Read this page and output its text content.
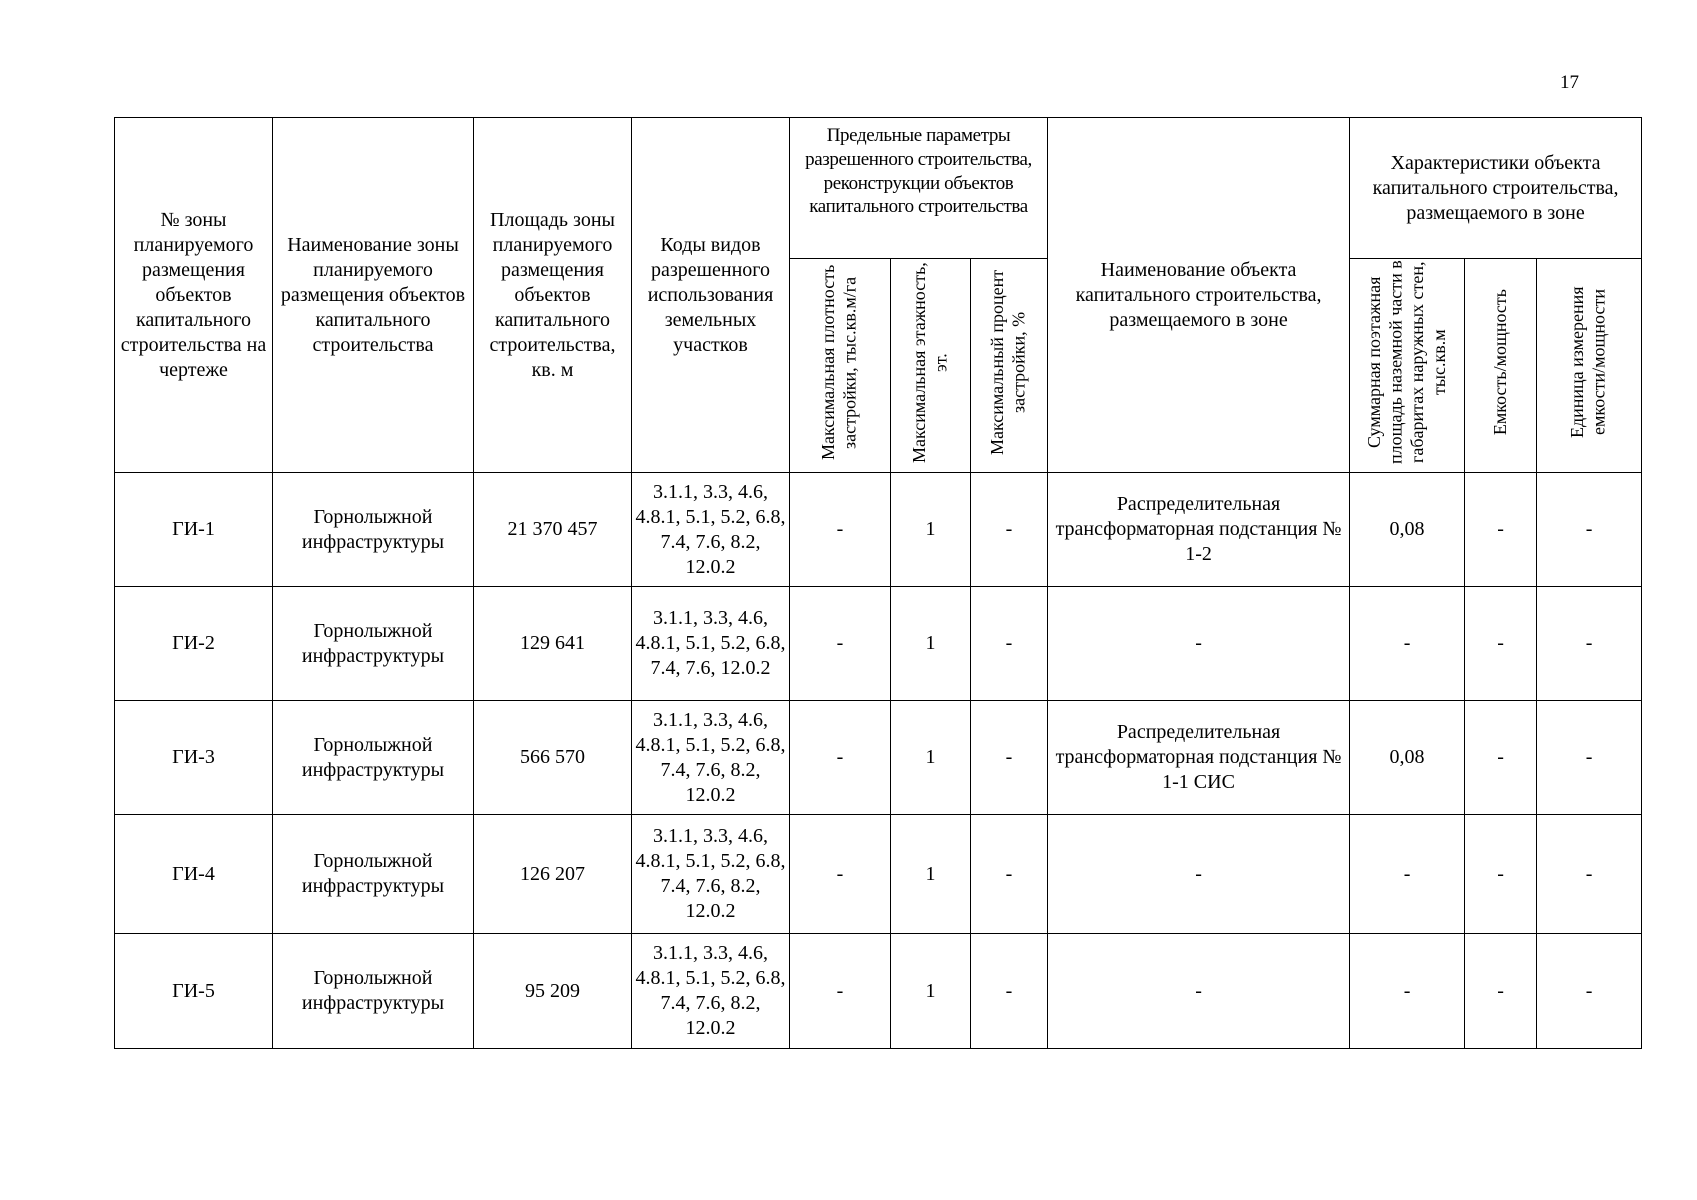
17
№ зоны планируемого размещения объектов капитального строительства на чертеже	Наименование зоны планируемого размещения объектов капитального строительства	Площадь зоны планируемого размещения объектов капитального строительства, кв. м	Коды видов разрешенного использования земельных участков	Предельные параметры разрешенного строительства, реконструкции объектов капитального строительства			Наименование объекта капитального строительства, размещаемого в зоне	Характеристики объекта капитального строительства, размещаемого в зоне		
				Максимальная плотность застройки, тыс.кв.м/га	Максимальная этажность, эт.	Максимальный процент застройки, %		Суммарная поэтажная площадь наземной части в габаритах наружных стен, тыс.кв.м	Емкость/мощность	Единица измерения емкости/мощности
ГИ-1	Горнолыжной инфраструктуры	21 370 457	3.1.1, 3.3, 4.6, 4.8.1, 5.1, 5.2, 6.8, 7.4, 7.6, 8.2, 12.0.2	-	1	-	Распределительная трансформаторная подстанция № 1-2	0,08	-	-
ГИ-2	Горнолыжной инфраструктуры	129 641	3.1.1, 3.3, 4.6, 4.8.1, 5.1, 5.2, 6.8, 7.4, 7.6, 12.0.2	-	1	-	-	-	-	-
ГИ-3	Горнолыжной инфраструктуры	566 570	3.1.1, 3.3, 4.6, 4.8.1, 5.1, 5.2, 6.8, 7.4, 7.6, 8.2, 12.0.2	-	1	-	Распределительная трансформаторная подстанция № 1-1 СИС	0,08	-	-
ГИ-4	Горнолыжной инфраструктуры	126 207	3.1.1, 3.3, 4.6, 4.8.1, 5.1, 5.2, 6.8, 7.4, 7.6, 8.2, 12.0.2	-	1	-	-	-	-	-
ГИ-5	Горнолыжной инфраструктуры	95 209	3.1.1, 3.3, 4.6, 4.8.1, 5.1, 5.2, 6.8, 7.4, 7.6, 8.2, 12.0.2	-	1	-	-	-	-	-
